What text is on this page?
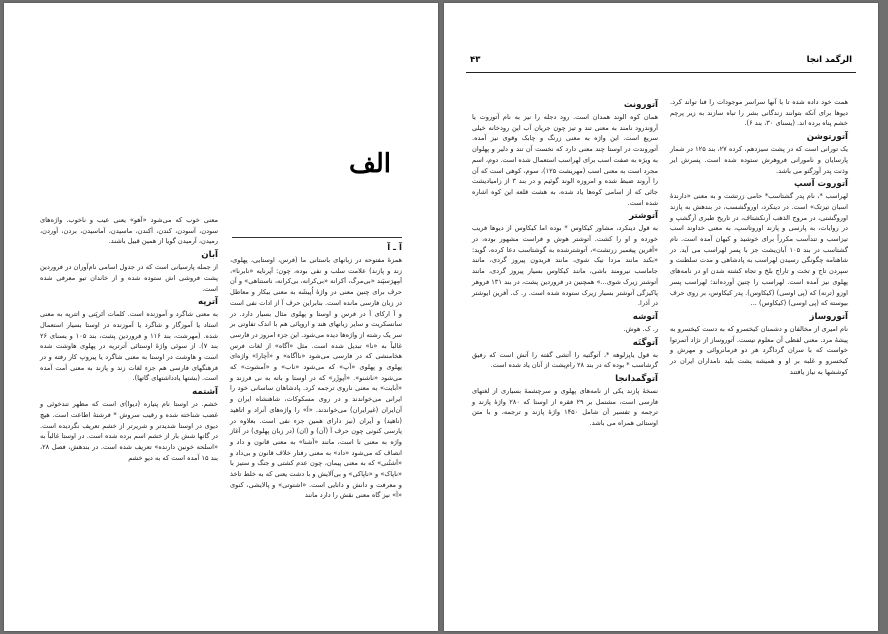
الف
آ ـ آ

همزهٔ مفتوحه در زبانهای باستانی ما (فرس، اوستایی، پهلوی، زند و پازند) علامت سلب و نفی بوده، چون: اَپرنایه «نابرنا»، اَمِهرَسپَند «بی‌مرگ، اَکرانه «بی‌کرانه، بی‌کرانه، ناستناهی» و آن حرف برای چنین معنی در واژهٔ اُپیشَه به معنی بیکار و معاطل در زبان فارسی مانده است. بنابراین حرف آ از ادات نفی است و آ ارکای آ در فرس و اوستا و پهلوی مثال بسیار دارد. در سانسکریت و سایر زبانهای هند و اروپائی هم با اندک تفاوتی بر سر یک رشته از واژه‌ها دیده می‌شود. این جزء امروز در فارسی غالباً به «نا» تبدیل شده است. مثل «آگاه» از لغات فرس هخامنشی که در فارسی می‌شود «ناآگاه» و «آچارا» واژه‌ای پهلوی و پهلوی «آپ» که می‌شود «ناب» و «اَمشوت» که می‌شود «ناشنو». «اَپوژَر» که در اوستا و بانه به نی فرزند و «آبایت» به معنی ناروی ترجمه کرد. پادشاهان ساسانی خود را ایرانی می‌خواندند و در روی مسکوکات، شاهنشاه ایران و آن‌ایران (غیرایران) می‌خواندند. «آ» را واژه‌های آنراد و اتاهید (ناهید) و آیران (نیز دارای همین جزء نفی است. بعلاوه در پارسی کنونی چون حرف آ (آن) و (ان) (در زبان پهلوی) در آغاز واژه به معنی نا است، مانند «آشنا» به معنی قانون و داد و انصاف که می‌شود «داد» به معنی رفتار خلاف قانون و بی‌داد و «اَشتُنی» که به معنی پیمان، چون عدم کشتی و جنگ و ستیز با «ناپاک» و «ناپاکی» و بی‌آلایش و با دشت یعنی که به خلط تاخذ و معرفت و دانش و دانایی است. «اشتوتی» و پالایشی، کنوی «آ» نیز گاه معنی نقش را دارد مانند

معنی خوب که می‌شود «آهو» یعنی عیب و ناخوب. واژه‌های سودن، آسودن، کندن، آکندن، ماسیدن، آماسیدن، بردن، آوردن، رمیدن، آرمیدن گویا از همین قبیل باشند.

آبان

از جمله پارسیانی است که در جدول اسامی نام‌آوران در فروردین پشت فروشی اش ستوده شده و از خاندان تیو معرفی شده است.

آترپه

به معنی شاگرد و آموزنده است. کلمات اَتَرپَتی و اتترپه به معنی استاد یا آموزگار و شاگرد یا آموزنده در اوستا بسیار استعمال شده. (مهرشت، بند ۱۱۶ و فروردین پشت، بند ۱۰۵ و یسنای ۲۶ بند ۷). از سوئی واژهٔ اوستائی آترتریه در پهلوی هاوشت شده است و هاوشت در اوستا به معنی شاگرد یا پیروپ کار رفته و در فرهنگهای فارسی هم جزء لغات زند و پازند به معنی أمت آمده است. (بشتها یادداشتهای گاتها).

آشتمه

خشم. در اوستا نام پتیاره (دیوا)ی است که مظهر تندخوئی و غضب شناخته شده و رقیب سروش * فرشتهٔ اطاعت است. هیچ دیوی در اوستا شدیدتر و شریرتر از خشم تعریف نگردیده است. در گاتها شش بار از خشم اسم برده شده است. در اوستا غالباً به «اسلحه خونین دارنده» تعریف شده است. در بندهش، فصل ۲۸، بند ۱۵ آمده است که به دیو خشم

الرگمد انجا
۴۳

همت خود داده شده تا با آنها سراسر موجودات را فنا تواند کرد. دیوها برای آنکه بتوانند زندگانی بشر را تباه سازند به زیر پرچم خشم پناه برده اند. (یسنای ۳۰، بند ۶).

آتورتوشن

یک تورانی است که در پشت سیزدهم، کرده ۲۷، بند ۱۲۵ در شمار پارسایان و نامورانی فروهرش ستوده شده است. پسرش ایر وذنت پدر آوزگتو می باشد.

آتوروت آسپ

لهراسب *، نام پدر گشتاسب* حامی زرتشت و به معنی «دارندهٔ اسبان تیزتک» است. در دینکرد، اوروگشسب، در بندهش به پازند اوروگشتی، در مروج الذهب آرنکشتاف، در تاریخ طبری آرگشپ و در روایات، به پارسی و پازند اوروتاسپ، به معنی خداوند اسب تیزاسب و تندآسب مکرراً برای خوشید و کیهان آمده است. نام گشتاسب در بند ۱۰۵ آبان‌یشت جز با پسر لهراسب می آید. در شاهنامه چگونگی رسیدن لهراسب به پادشاهی و مدت سلطنت و سپردن تاج و تخت و تاراج بلخ و تجاه کشته شدن او در نامه‌های پهلوی نیز آمده است. لهراسب را چنین آورده‌اند: لهراسب پسر اوزو (ترنه) که (پی اوسی) (کیکاوس). پدر کیکاوس، بر روی حرف بیوسته که (پی اوسی) (کیکاوس) ...

آتوروساز

نام امیری از مخالفان و دشمنان کیخسرو که به دست کیخسرو به پیشهٔ مرد. معنی لفظی آن معلوم نیست. آتوروساز از نژاد آتمرتوا خواست که با سران گرداگرد هر دو فرمانروائی و مهرش و کیخسرو و غلبه بر او و همیشه یشت بلید نامداران ایران در کوششها به نیاز یافتند

آتورونت

همان کوه الوند همدان است. رود دجله را نیز به نام آتوروت یا آروَندرود نامند به معنی تند و تیز چون جریان آب این رودخانه خیلی سریع است. این واژه به معنی زرنگ و چابک وقوی نیز آمده. آتوروندت در اوستا چند معنی دارد که نخست آن تند و دلیر و پهلوان به ویژه به صفت اسب برای لهراسب استعمال شده است. دوم، اسم مجرد است به معنی اسب (مهریشت ۱۲۵)، سوم، کوهی است که آن را آروند ضبط شده و امروزه الوند گوئیم و در بند ۳ از زامیادیشت جائی که از اسامی کوه‌ها یاد شده، به هشت قلعه این کوه اشاره شده است.

آتوشتر

به قول دینکرد، مشاور کیکاوس * بوده اما کیکاوس از دیوها فریب خورده و او را کشت. آتوشتر هوش و فراست مشهور بوده، در «آفرین پیغمبر زرتشت»، آتوشترشده به گوشتاسب دعا کرده، گوید: «بکند مانند مزدا نیک شوی، مانند فریدون پیروز گردی، مانند جاماسب نیرومند باشی، مانند کیکاوس بسیار پیروز گردی، مانند آتوشتر زیرک شوی...» همچنین در فروردین پشت، در بند ۱۳۱ فروهر پاکیزگی آتوشتر بسیار زیرک ستوده شده است. ر. ک. آفرین ایوشتر در آذرا.

آتوشه

ر. ک. هوش.

آتوگتَه

به قول یاپزلوهه *، آتوگتیه را آتشی گفته را آتش است که رفیق گرشاسب * بوده که در بند ۲۸ رام‌پشت از آنان یاد شده است.

آتوگمدانجا

نسخهٔ پازند یکی از نامه‌های پهلوی و سرچشمهٔ بسیاری از لغتهای فارسی است، مشتمل بر ۲۹ فقره از اوستا که ۲۸۰ واژهٔ پازند و ترجمه و تفسیر آن شامل ۱۴۵۰ واژهٔ پازند و ترجمه، و با متن اوستائی همراه می باشد.
